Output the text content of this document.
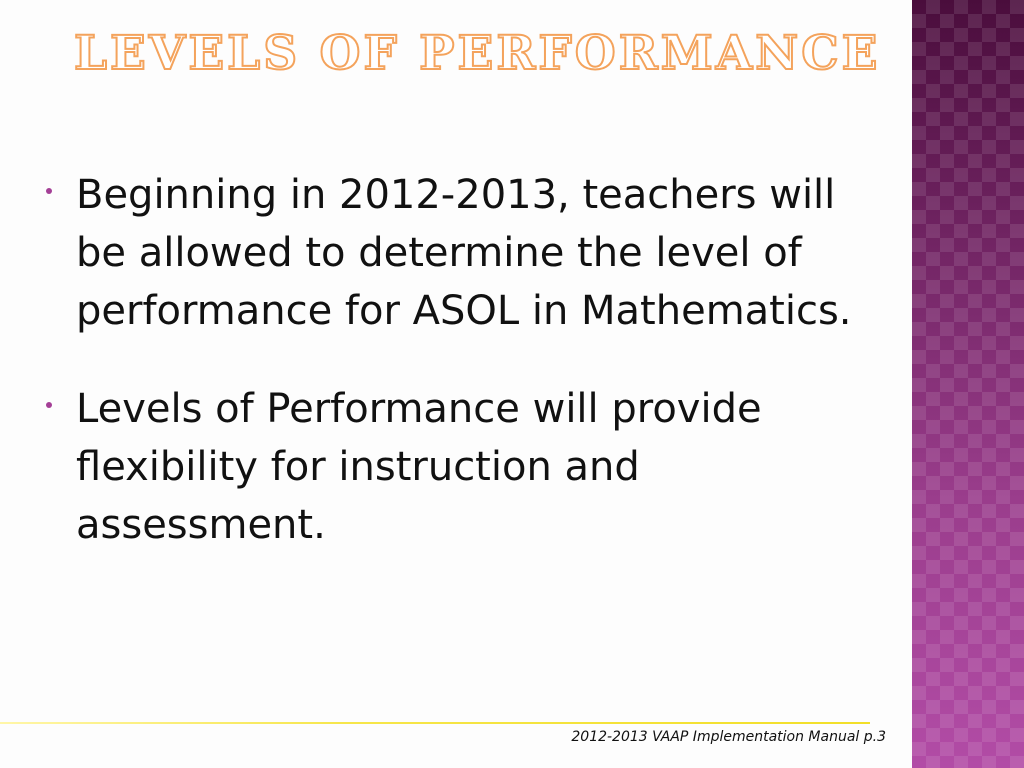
LEVELS OF PERFORMANCE
Beginning in 2012-2013, teachers will be allowed to determine the level of performance for ASOL in Mathematics.
Levels of Performance will provide flexibility for instruction and assessment.
2012-2013 VAAP Implementation Manual p.3
